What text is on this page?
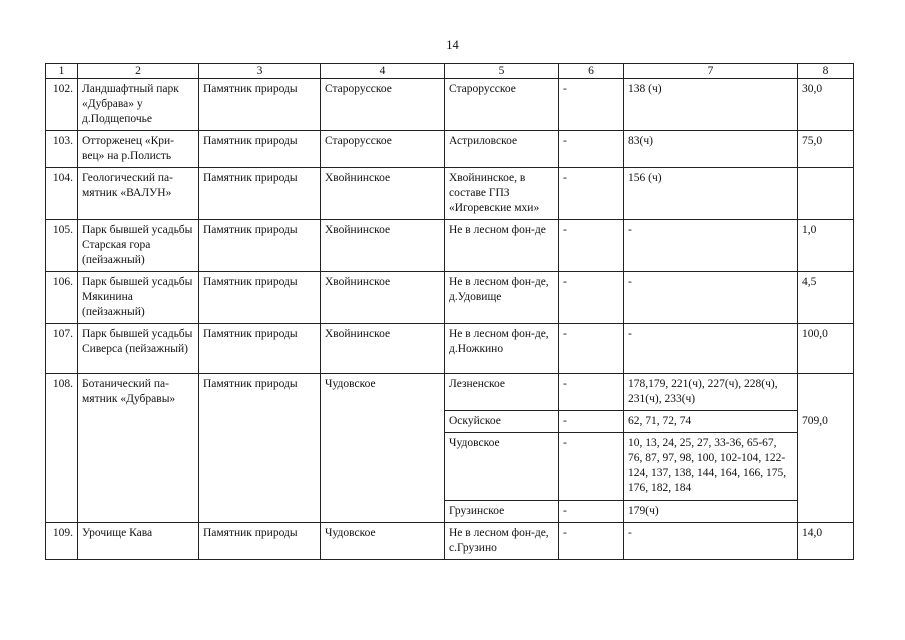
14
1	2	3	4	5	6	7	8
102.	Ландшафтный парк «Дубрава» у д.Подщепочье	Памятник природы	Старорусское	Старорусское	-	138 (ч)	30,0
103.	Отторженец «Кри-вец» на р.Полисть	Памятник природы	Старорусское	Астриловское	-	83(ч)	75,0
104.	Геологический па-мятник «ВАЛУН»	Памятник природы	Хвойнинское	Хвойнинское, в составе ГПЗ «Игоревские мхи»	-	156 (ч)	
105.	Парк бывшей усадьбы Старская гора (пейзажный)	Памятник природы	Хвойнинское	Не в лесном фон-де	-	-	1,0
106.	Парк бывшей усадьбы Мякинина (пейзажный)	Памятник природы	Хвойнинское	Не в лесном фон-де, д.Удовище	-	-	4,5
107.	Парк бывшей усадьбы Сиверса (пейзажный)	Памятник природы	Хвойнинское	Не в лесном фон-де, д.Ножкино	-	-	100,0
108.	Ботанический па-мятник «Дубравы»	Памятник природы	Чудовское	Лезненское	-	178,179, 221(ч), 227(ч), 228(ч), 231(ч), 233(ч)	
				Оскуйское	-	62, 71, 72, 74	709,0
				Чудовское	-	10, 13, 24, 25, 27, 33-36, 65-67, 76, 87, 97, 98, 100, 102-104, 122-124, 137, 138, 144, 164, 166, 175, 176, 182, 184	
				Грузинское	-	179(ч)	
109.	Урочище Кава	Памятник природы	Чудовское	Не в лесном фон-де, с.Грузино	-	-	14,0
